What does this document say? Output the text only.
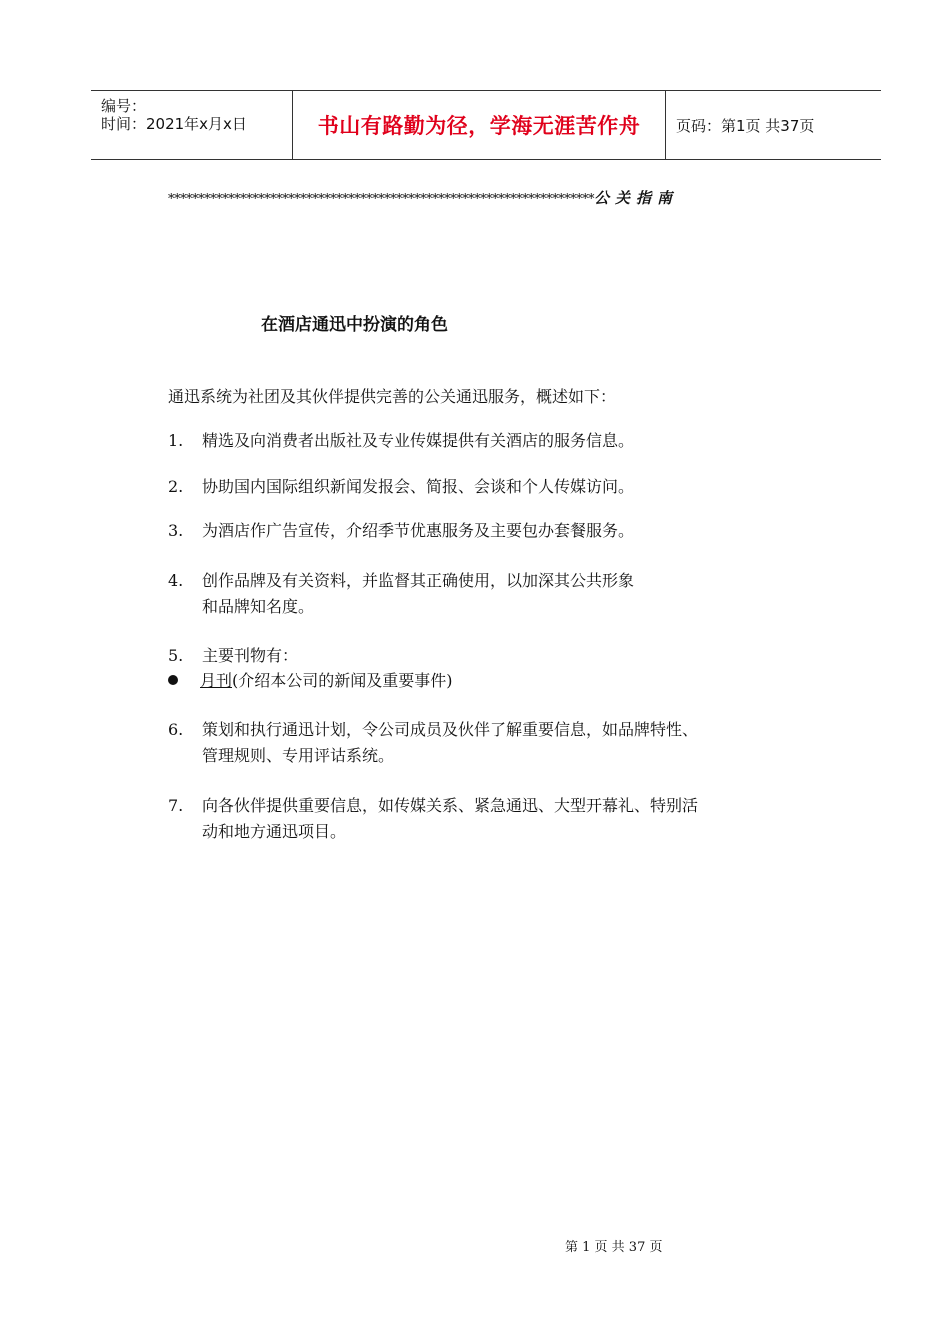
编号：
时间：2021年x月x日	书山有路勤为径，学海无涯苦作舟 页码：第1页 共37页
***********************************************************************公关指南
在酒店通迅中扮演的角色
通迅系统为社团及其伙伴提供完善的公关通迅服务，概述如下：
1.	精选及向消费者出版社及专业传媒提供有关酒店的服务信息。
2.	协助国内国际组织新闻发报会、简报、会谈和个人传媒访问。
3.	为酒店作广告宣传，介绍季节优惠服务及主要包办套餐服务。
4.	创作品牌及有关资料，并监督其正确使用，以加深其公共形象
和品牌知名度。
5.	主要刊物有：
月刊(介绍本公司的新闻及重要事件)
6.	策划和执行通迅计划，令公司成员及伙伴了解重要信息，如品牌特性、
管理规则、专用评诂系统。
7.	向各伙伴提供重要信息，如传媒关系、紧急通迅、大型开幕礼、特别活
动和地方通迅项目。
第 1 页 共 37 页
